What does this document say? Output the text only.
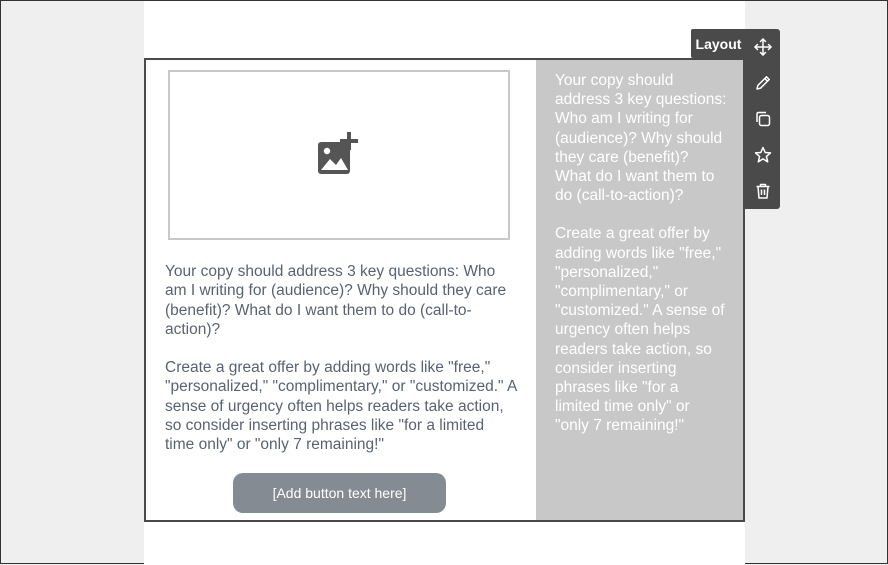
Your copy should address 3 key questions: Who am I writing for (audience)? Why should they care (benefit)? What do I want them to do (call-to-action)?

Create a great offer by adding words like "free," "personalized," "complimentary," or "customized." A sense of urgency often helps readers take action, so consider inserting phrases like "for a limited time only" or "only 7 remaining!"

[Add button text here]

Your copy should address 3 key questions: Who am I writing for (audience)? Why should they care (benefit)? What do I want them to do (call-to-action)?

Create a great offer by adding words like "free," "personalized," "complimentary," or "customized." A sense of urgency often helps readers take action, so consider inserting phrases like "for a limited time only" or "only 7 remaining!"

Layout
